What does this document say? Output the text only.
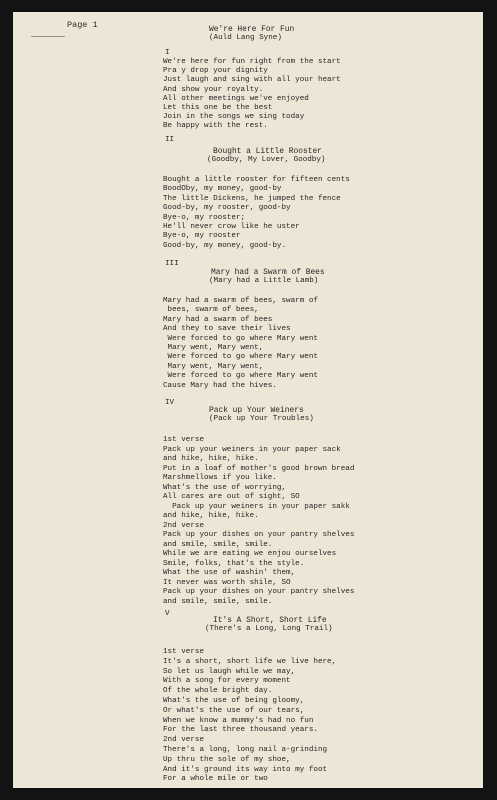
Page 1
I
We're Here For Fun
(Auld Lang Syne)
We're here for fun right from the start
Pra y drop your dignity
Just laugh and sing with all your heart
And show your royalty.
All other meetings we've enjoyed
Let this one be the best
Join in the songs we sing today
Be happy with the rest.
II
Bought a Little Rooster
(Goodby, My Lover, Goodby)
Bought a little rooster for fifteen cents
BoodOby, my money, good-by
The little Dickens, he jumped the fence
Good-by, my rooster, good-by
Bye-o, my rooster;
He'll never crow like he uster
Bye-o, my rooster
Good-by, my money, good-by.
III
Mary had a Swarm of Bees
(Mary had a Little Lamb)
Mary had a swarm of bees, swarm of
bees, swarm of bees,
Mary had a swarm of bees
And they to save their lives
Were forced to go where Mary went
Mary went, Mary went,
Were forced to go where Mary went
Mary went, Mary went,
Were forced to go where Mary went
Cause Mary had the hives.
IV
Pack up Your Weiners
(Pack up Your Troubles)
1st verse
Pack up your weiners in your paper sack
and hike, hike, hike.
Put in a loaf of mother's good brown bread
Marshmellows if you like.
What's the use of worrying,
All cares are out of sight, SO
Pack up your weiners in your paper sakk
and hike, hike, hike.
2nd verse
Pack up your dishes on your pantry shelves
and smile, smile, smile.
While we are eating we enjou ourselves
Smile, folks, that's the style.
What the use of washin' them,
It never was worth shile, SO
Pack up your dishes on your pantry shelves
and smile, smile, smile.
V
It's A Short, Short Life
(There's a Long, Long Trail)
1st verse
It's a short, short life we live here,
So let us laugh while we may,
With a song for every moment
Of the whole bright day.
What's the use of being gloomy,
Or what's the use of our tears,
When we know a mummy's had no fun
For the last three thousand years.
2nd verse
There's a long, long nail a-grinding
Up thru the sole of my shoe,
And it's ground its way into my foot
For a whole mile or two
